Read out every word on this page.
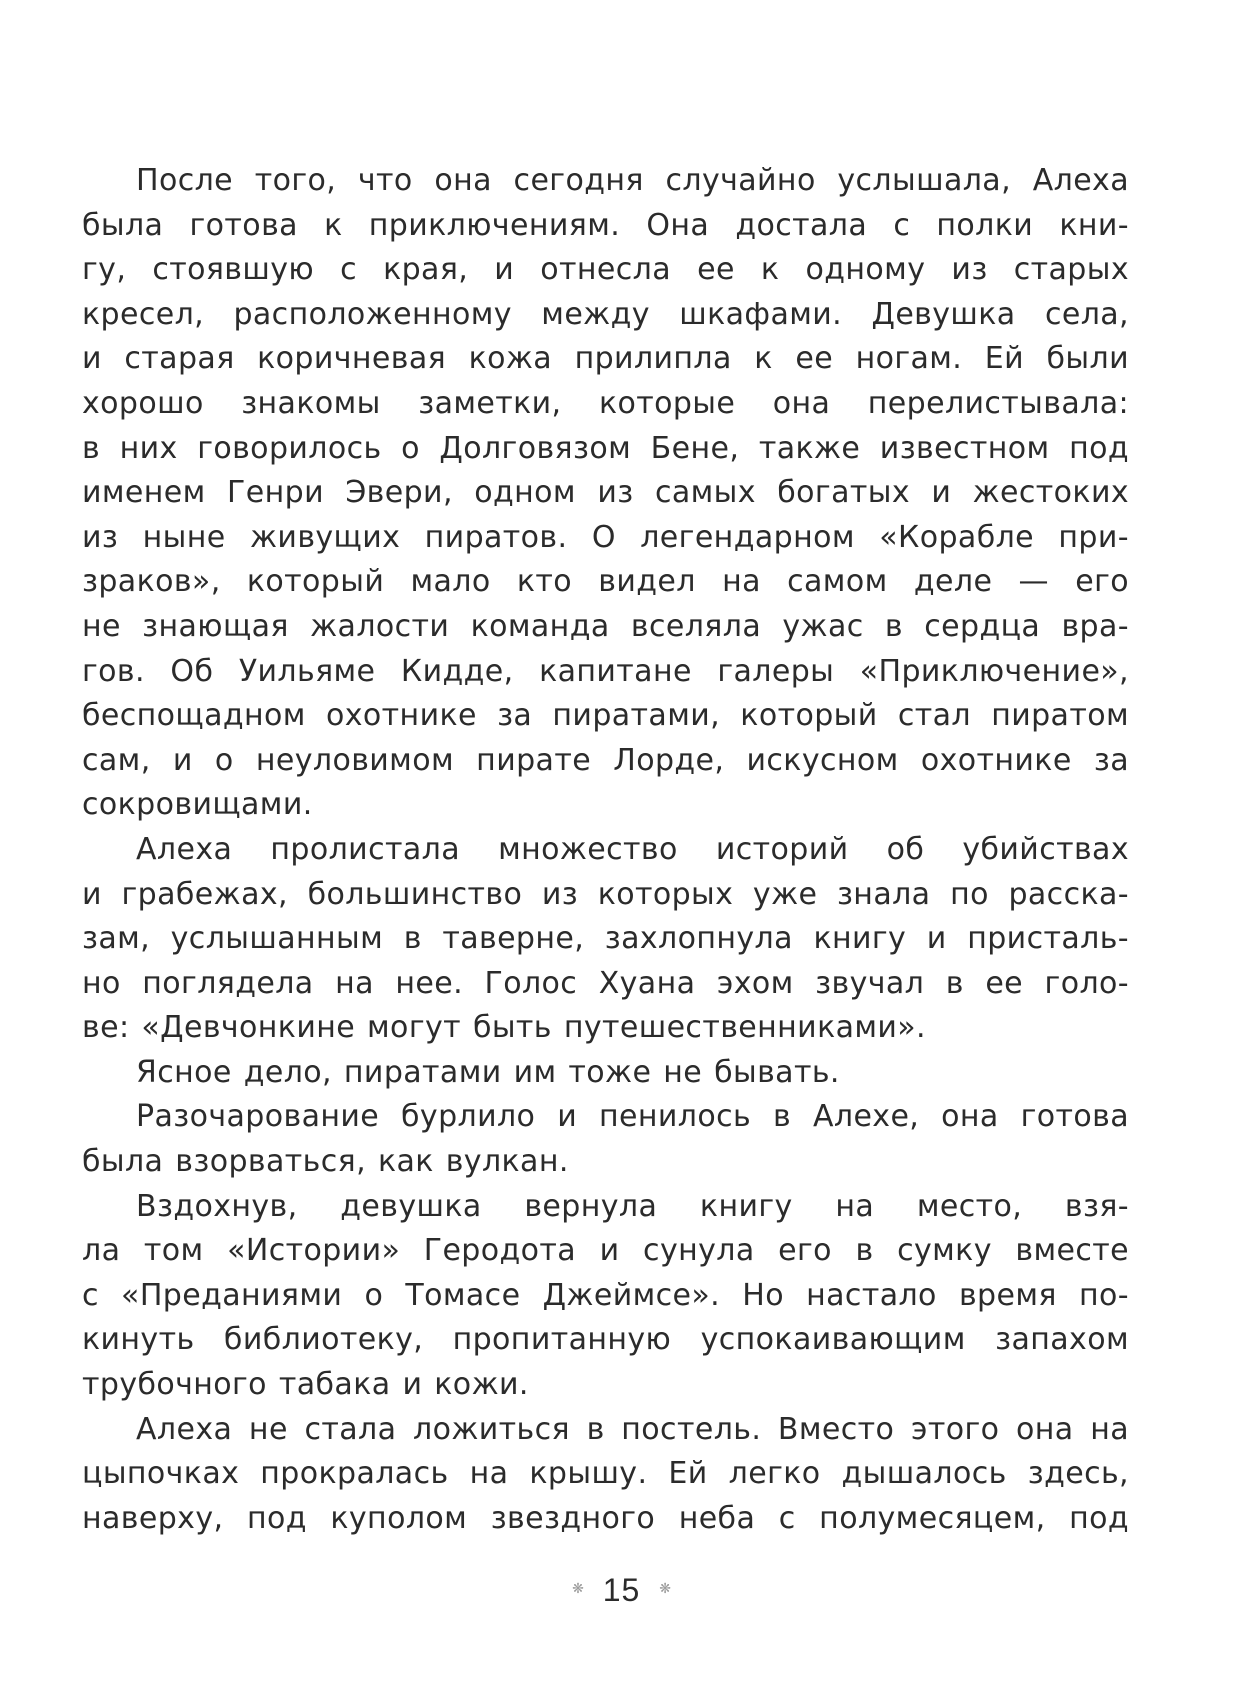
После того, что она сегодня случайно услышала, Алеха
была готова к приключениям. Она достала с полки кни-
гу, стоявшую с края, и отнесла ее к одному из старых
кресел, расположенному между шкафами. Девушка села,
и старая коричневая кожа прилипла к ее ногам. Ей были
хорошо знакомы заметки, которые она перелистывала:
в них говорилось о Долговязом Бене, также известном под
именем Генри Эвери, одном из самых богатых и жестоких
из ныне живущих пиратов. О легендарном «Корабле при-
зраков», который мало кто видел на самом деле — его
не знающая жалости команда вселяла ужас в сердца вра-
гов. Об Уильяме Кидде, капитане галеры «Приключение»,
беспощадном охотнике за пиратами, который стал пиратом
сам, и о неуловимом пирате Лорде, искусном охотнике за
сокровищами.
Алеха пролистала множество историй об убийствах
и грабежах, большинство из которых уже знала по расска-
зам, услышанным в таверне, захлопнула книгу и присталь-
но поглядела на нее. Голос Хуана эхом звучал в ее голо-
ве: «Девчонкине могут быть путешественниками».
Ясное дело, пиратами им тоже не бывать.
Разочарование бурлило и пенилось в Алехе, она готова
была взорваться, как вулкан.
Вздохнув, девушка вернула книгу на место, взя-
ла том «Истории» Геродота и сунула его в сумку вместе
с «Преданиями о Томасе Джеймсе». Но настало время по-
кинуть библиотеку, пропитанную успокаивающим запахом
трубочного табака и кожи.
Алеха не стала ложиться в постель. Вместо этого она на
цыпочках прокралась на крышу. Ей легко дышалось здесь,
наверху, под куполом звездного неба с полумесяцем, под
❋ 15 ❋
